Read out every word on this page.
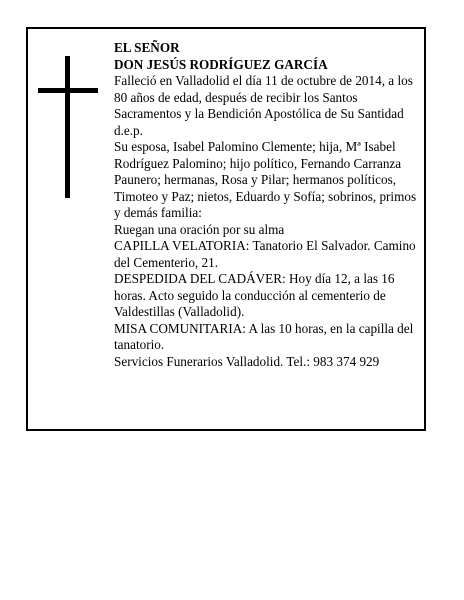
EL SEÑOR

DON JESÚS RODRÍGUEZ GARCÍA

Falleció en Valladolid el día 11 de octubre de 2014, a los 80 años de edad, después de recibir los Santos Sacramentos y la Bendición Apostólica de Su Santidad d.e.p.

Su esposa, Isabel Palomino Clemente; hija, Mª Isabel Rodríguez Palomino; hijo político, Fernando Carranza Paunero; hermanas, Rosa y Pilar; hermanos políticos, Timoteo y Paz; nietos, Eduardo y Sofía; sobrinos, primos y demás familia:

Ruegan una oración por su alma

CAPILLA VELATORIA: Tanatorio El Salvador. Camino del Cementerio, 21.

DESPEDIDA DEL CADÁVER: Hoy día 12, a las 16 horas. Acto seguido la conducción al cementerio de Valdestillas (Valladolid).

MISA COMUNITARIA: A las 10 horas, en la capilla del tanatorio.

Servicios Funerarios Valladolid. Tel.: 983 374 929
